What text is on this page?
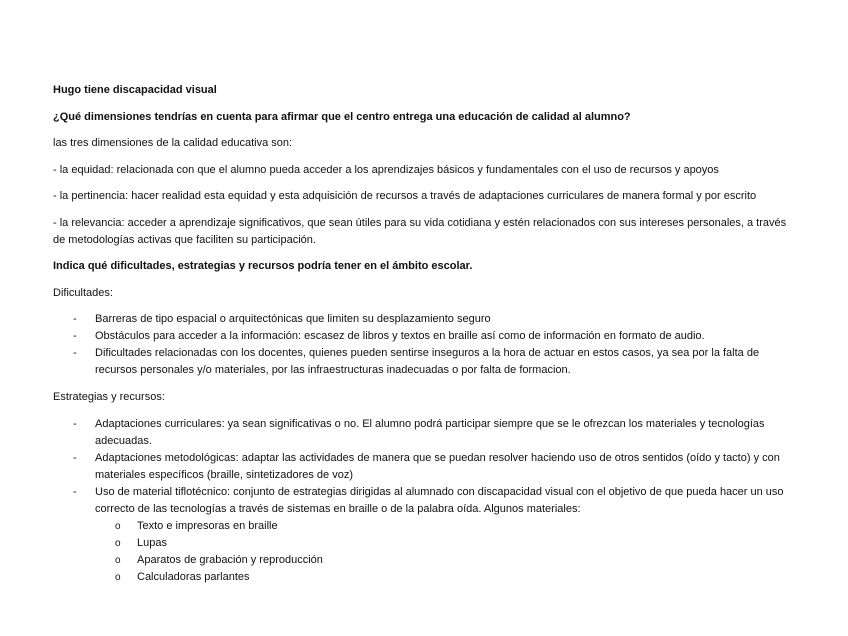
Hugo tiene discapacidad visual

¿Qué dimensiones tendrías en cuenta para afirmar que el centro entrega una educación de calidad al alumno?

las tres dimensiones de la calidad educativa son:

- la equidad: relacionada con que el alumno pueda acceder a los aprendizajes básicos y fundamentales con el uso de recursos y apoyos

- la pertinencia: hacer realidad esta equidad y esta adquisición de recursos a través de adaptaciones curriculares de manera formal y por escrito

- la relevancia: acceder a aprendizaje significativos, que sean útiles para su vida cotidiana y estén relacionados con sus intereses personales, a través de metodologías activas que faciliten su participación.

Indica qué dificultades, estrategias y recursos podría tener en el ámbito escolar.

Dificultades:

- Barreras de tipo espacial o arquitectónicas que limiten su desplazamiento seguro
- Obstáculos para acceder a la información: escasez de libros y textos en braille así como de información en formato de audio.
- Dificultades relacionadas con los docentes, quienes pueden sentirse inseguros a la hora de actuar en estos casos, ya sea por la falta de recursos personales y/o materiales, por las infraestructuras inadecuadas o por falta de formacion.

Estrategias y recursos:

- Adaptaciones curriculares: ya sean significativas o no. El alumno podrá participar siempre que se le ofrezcan los materiales y tecnologías adecuadas.
- Adaptaciones metodológicas: adaptar las actividades de manera que se puedan resolver haciendo uso de otros sentidos (oído y tacto) y con materiales específicos (braille, sintetizadores de voz)
- Uso de material tiflotécnico: conjunto de estrategias dirigidas al alumnado con discapacidad visual con el objetivo de que pueda hacer un uso correcto de las tecnologías a través de sistemas en braille o de la palabra oída. Algunos materiales:
o Texto e impresoras en braille
o Lupas
o Aparatos de grabación y reproducción
o Calculadoras parlantes
